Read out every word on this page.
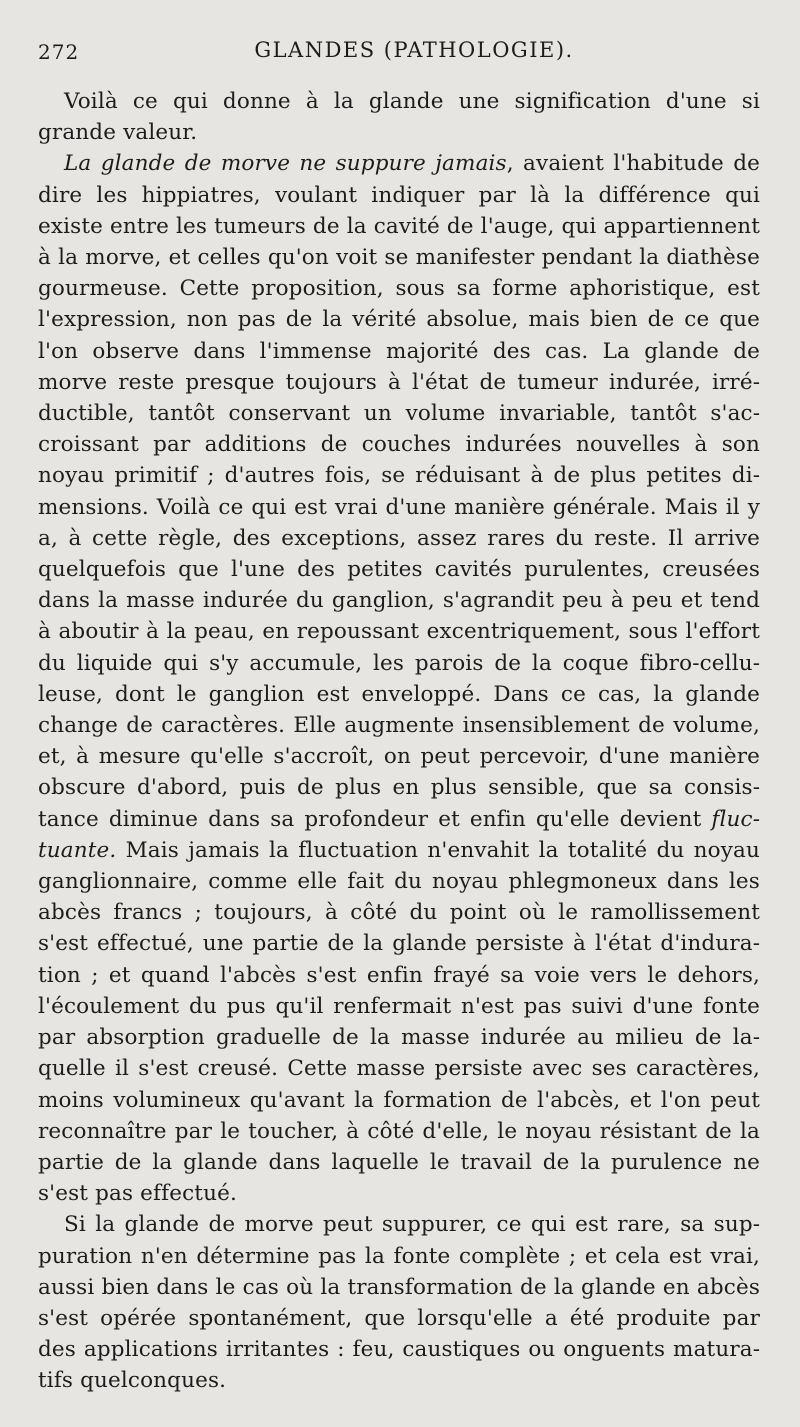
272	GLANDES (PATHOLOGIE).

Voilà ce qui donne à la glande une signification d'une si grande valeur.

La glande de morve ne suppure jamais, avaient l'habitude de dire les hippiatres, voulant indiquer par là la différence qui existe entre les tumeurs de la cavité de l'auge, qui appartiennent à la morve, et celles qu'on voit se manifester pendant la diathèse gourmeuse. Cette proposition, sous sa forme aphoristique, est l'expression, non pas de la vérité absolue, mais bien de ce que l'on observe dans l'immense majorité des cas. La glande de morve reste presque toujours à l'état de tumeur indurée, irréductible, tantôt conservant un volume invariable, tantôt s'accroissant par additions de couches indurées nouvelles à son noyau primitif ; d'autres fois, se réduisant à de plus petites dimensions. Voilà ce qui est vrai d'une manière générale. Mais il y a, à cette règle, des exceptions, assez rares du reste. Il arrive quelquefois que l'une des petites cavités purulentes, creusées dans la masse indurée du ganglion, s'agrandit peu à peu et tend à aboutir à la peau, en repoussant excentriquement, sous l'effort du liquide qui s'y accumule, les parois de la coque fibro-celluleuse, dont le ganglion est enveloppé. Dans ce cas, la glande change de caractères. Elle augmente insensiblement de volume, et, à mesure qu'elle s'accroît, on peut percevoir, d'une manière obscure d'abord, puis de plus en plus sensible, que sa consistance diminue dans sa profondeur et enfin qu'elle devient fluctuante. Mais jamais la fluctuation n'envahit la totalité du noyau ganglionnaire, comme elle fait du noyau phlegmoneux dans les abcès francs ; toujours, à côté du point où le ramollissement s'est effectué, une partie de la glande persiste à l'état d'induration ; et quand l'abcès s'est enfin frayé sa voie vers le dehors, l'écoulement du pus qu'il renfermait n'est pas suivi d'une fonte par absorption graduelle de la masse indurée au milieu de laquelle il s'est creusé. Cette masse persiste avec ses caractères, moins volumineux qu'avant la formation de l'abcès, et l'on peut reconnaître par le toucher, à côté d'elle, le noyau résistant de la partie de la glande dans laquelle le travail de la purulence ne s'est pas effectué.

Si la glande de morve peut suppurer, ce qui est rare, sa suppuration n'en détermine pas la fonte complète ; et cela est vrai, aussi bien dans le cas où la transformation de la glande en abcès s'est opérée spontanément, que lorsqu'elle a été produite par des applications irritantes : feu, caustiques ou onguents maturatifs quelconques.
